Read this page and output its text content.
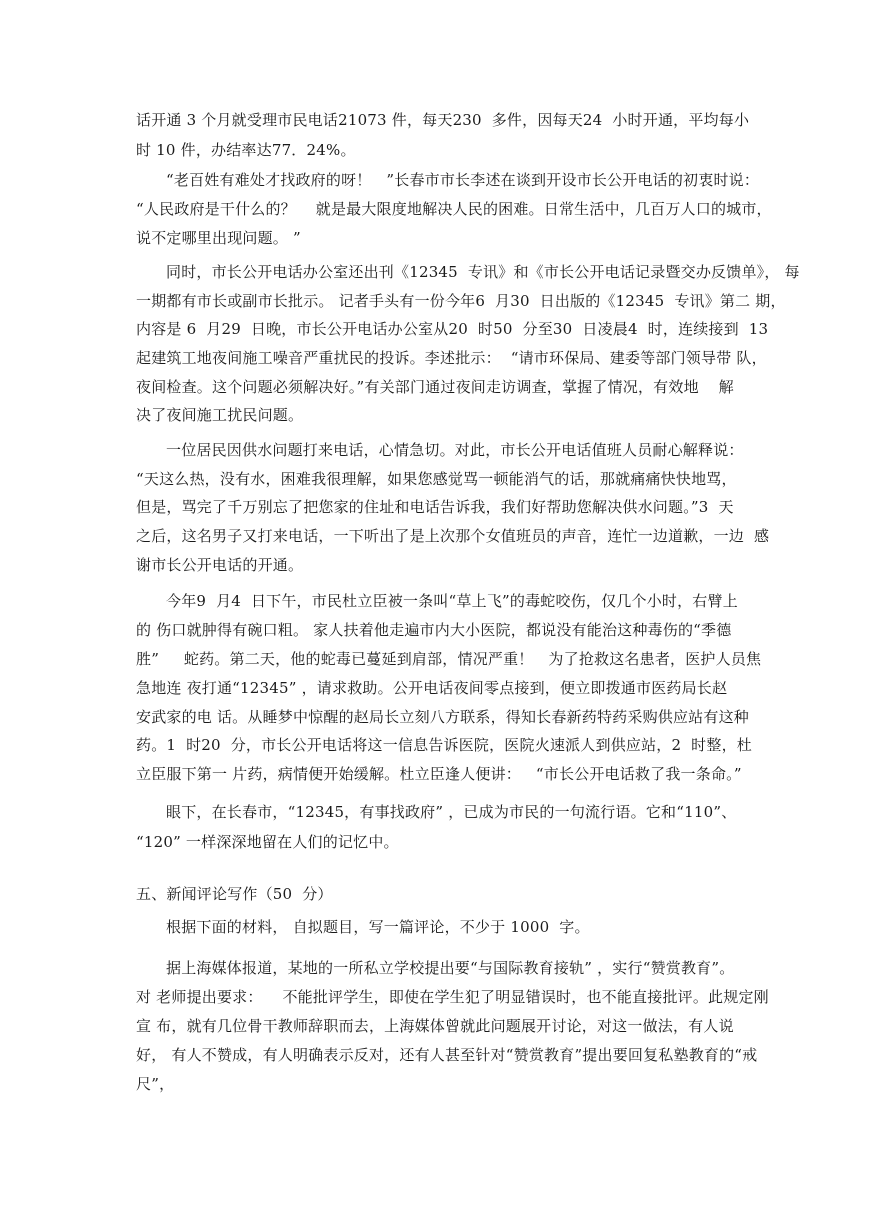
话开通 3 个月就受理市民电话21073 件，每天230  多件，因每天24  小时开通，平均每小

时 10 件，办结率达77．24%。

“老百姓有难处才找政府的呀！   ”长春市市长李述在谈到开设市长公开电话的初衷时说：

“人民政府是干什么的？    就是最大限度地解决人民的困难。日常生活中，几百万人口的城市，

说不定哪里出现问题。 ”

同时，市长公开电话办公室还出刊《12345  专讯》和《市长公开电话记录暨交办反馈单》， 每

一期都有市长或副市长批示。 记者手头有一份今年6  月30  日出版的《12345  专讯》第二 期，

内容是 6  月29  日晚，市长公开电话办公室从20  时50  分至30  日凌晨4  时，连续接到  13

起建筑工地夜间施工噪音严重扰民的投诉。李述批示：  “请市环保局、建委等部门领导带 队，

夜间检查。这个问题必须解决好。”有关部门通过夜间走访调查，掌握了情况，有效地    解

决了夜间施工扰民问题。

一位居民因供水问题打来电话，心情急切。对此，市长公开电话值班人员耐心解释说：

“天这么热，没有水，困难我很理解，如果您感觉骂一顿能消气的话，那就痛痛快快地骂，

但是，骂完了千万别忘了把您家的住址和电话告诉我，我们好帮助您解决供水问题。”3  天

之后，这名男子又打来电话，一下听出了是上次那个女值班员的声音，连忙一边道歉，一边  感

谢市长公开电话的开通。

今年9  月4  日下午，市民杜立臣被一条叫“草上飞”的毒蛇咬伤，仅几个小时，右臂上

的 伤口就肿得有碗口粗。 家人扶着他走遍市内大小医院，都说没有能治这种毒伤的“季德

胜”     蛇药。第二天，他的蛇毒已蔓延到肩部，情况严重！   为了抢救这名患者，医护人员焦

急地连 夜打通“12345” ，请求救助。公开电话夜间零点接到，便立即拨通市医药局长赵

安武家的电 话。从睡梦中惊醒的赵局长立刻八方联系，得知长春新药特药采购供应站有这种

药。1  时20  分，市长公开电话将这一信息告诉医院，医院火速派人到供应站，2  时整，杜

立臣服下第一 片药，病情便开始缓解。杜立臣逢人便讲：   “市长公开电话救了我一条命。”

眼下，在长春市，“12345，有事找政府” ，已成为市民的一句流行语。它和“110”、

“120” 一样深深地留在人们的记忆中。

五、新闻评论写作（50  分）

根据下面的材料， 自拟题目，写一篇评论，不少于 1000  字。

据上海媒体报道，某地的一所私立学校提出要“与国际教育接轨” ，实行“赞赏教育”。

对 老师提出要求：    不能批评学生，即使在学生犯了明显错误时，也不能直接批评。此规定刚

宣 布，就有几位骨干教师辞职而去，上海媒体曾就此问题展开讨论，对这一做法，有人说

好， 有人不赞成，有人明确表示反对，还有人甚至针对“赞赏教育”提出要回复私塾教育的“戒

尺”，
